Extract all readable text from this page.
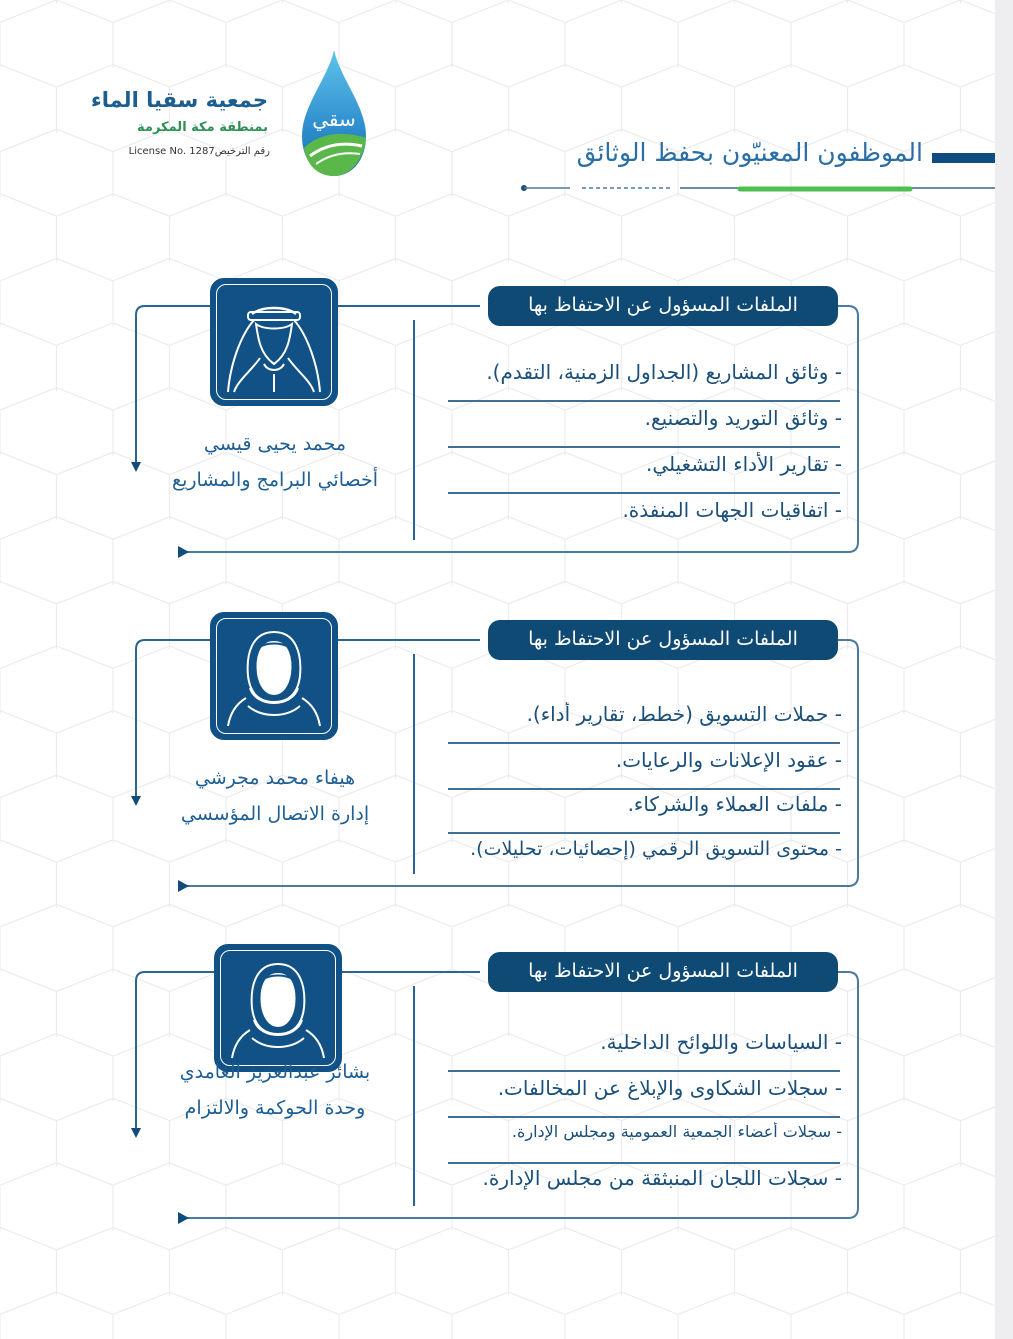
سقي
جمعية سقيا الماء
بمنطقة مكة المكرمة
License No. 1287رقم الترخيص	الموظفون المعنيّون بحفظ الوثائق
محمد يحيى قيسي
أخصائي البرامج والمشاريع
الملفات المسؤول عن الاحتفاظ بها
- وثائق المشاريع (الجداول الزمنية، التقدم).
- وثائق التوريد والتصنيع.
- تقارير الأداء التشغيلي.
- اتفاقيات الجهات المنفذة.
هيفاء محمد مجرشي
إدارة الاتصال المؤسسي
الملفات المسؤول عن الاحتفاظ بها
- حملات التسويق (خطط، تقارير أداء).
- عقود الإعلانات والرعايات.
- ملفات العملاء والشركاء.
- محتوى التسويق الرقمي (إحصائيات، تحليلات).
بشائر عبدالعزيز الغامدي
وحدة الحوكمة والالتزام
الملفات المسؤول عن الاحتفاظ بها
- السياسات واللوائح الداخلية.
- سجلات الشكاوى والإبلاغ عن المخالفات.
- سجلات أعضاء الجمعية العمومية ومجلس الإدارة.
- سجلات اللجان المنبثقة من مجلس الإدارة.
